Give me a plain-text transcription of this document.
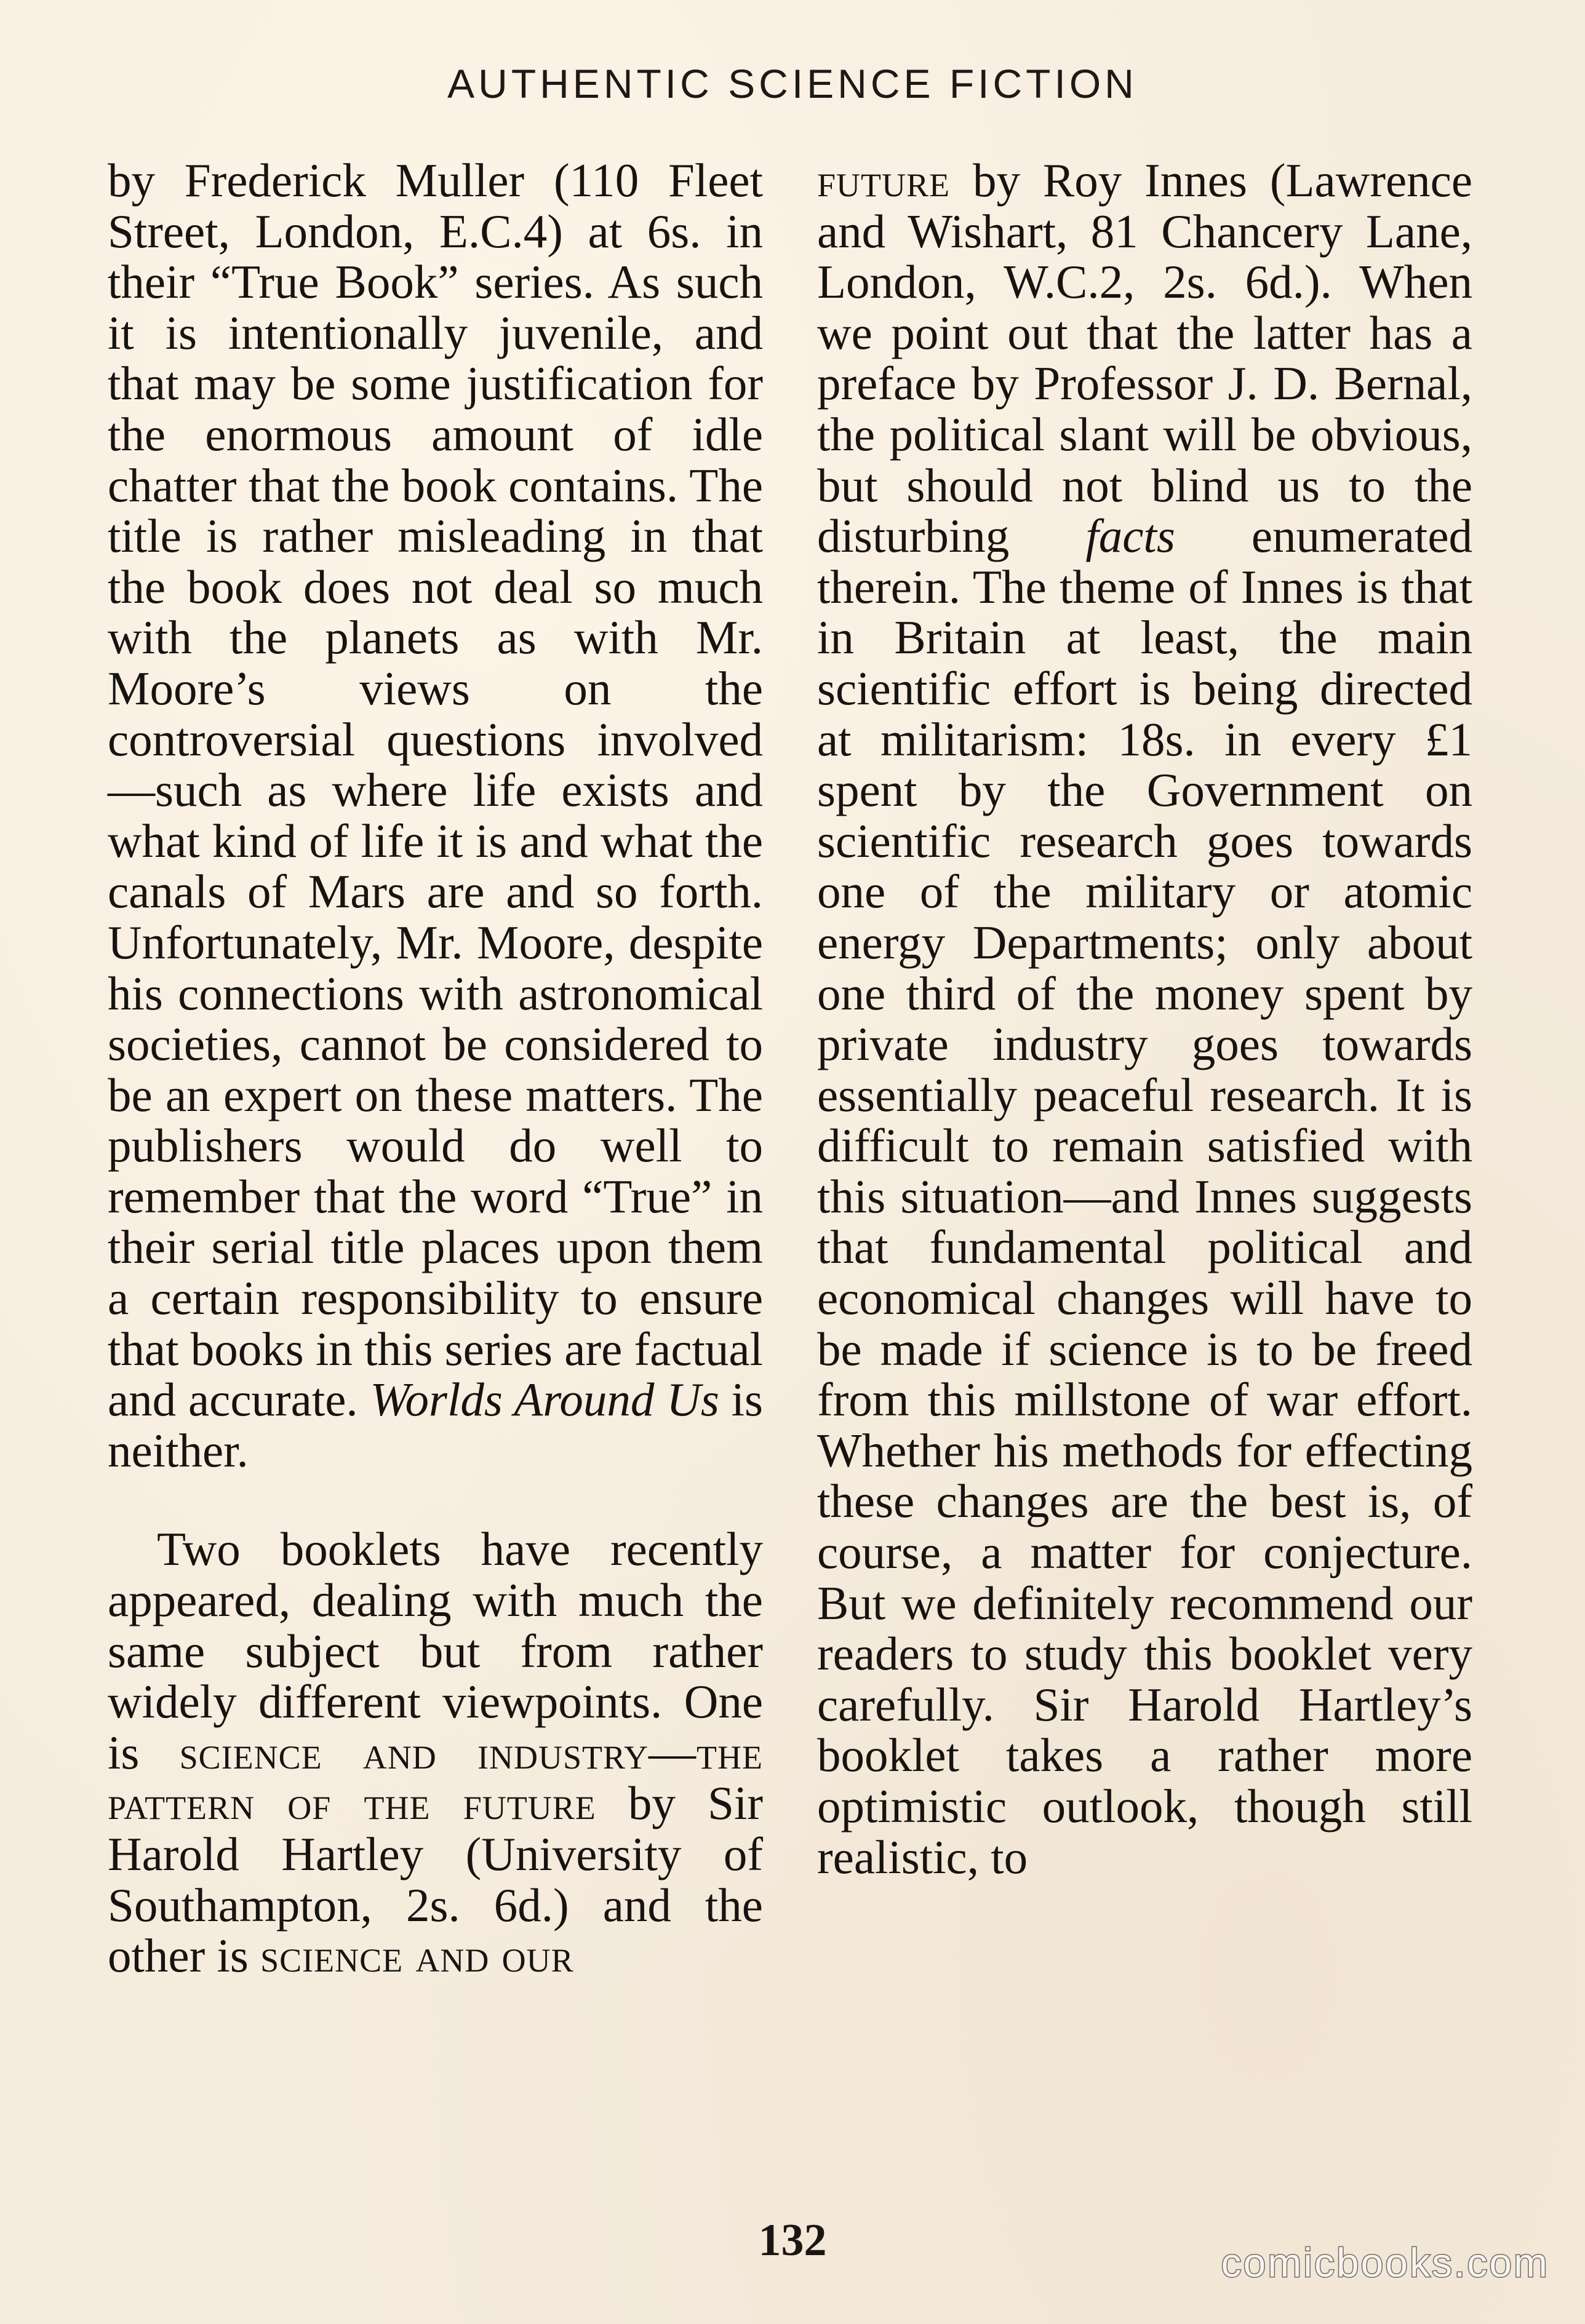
AUTHENTIC SCIENCE FICTION

by Frederick Muller (110 Fleet Street, London, E.C.4) at 6s. in their “True Book” series. As such it is intentionally juvenile, and that may be some justification for the enormous amount of idle chatter that the book contains. The title is rather misleading in that the book does not deal so much with the planets as with Mr. Moore’s views on the controversial questions involved—such as where life exists and what kind of life it is and what the canals of Mars are and so forth. Unfortunately, Mr. Moore, despite his connections with astronomical societies, cannot be considered to be an expert on these matters. The publishers would do well to remember that the word “True” in their serial title places upon them a certain responsibility to ensure that books in this series are factual and accurate. Worlds Around Us is neither.

Two booklets have recently appeared, dealing with much the same subject but from rather widely different viewpoints. One is science and industry—the pattern of the future by Sir Harold Hartley (University of Southampton, 2s. 6d.) and the other is science and our

future by Roy Innes (Lawrence and Wishart, 81 Chancery Lane, London, W.C.2, 2s. 6d.). When we point out that the latter has a preface by Professor J. D. Bernal, the political slant will be obvious, but should not blind us to the disturbing facts enumerated therein. The theme of Innes is that in Britain at least, the main scientific effort is being directed at militarism: 18s. in every £1 spent by the Government on scientific research goes towards one of the military or atomic energy Departments; only about one third of the money spent by private industry goes towards essentially peaceful research. It is difficult to remain satisfied with this situation—and Innes suggests that fundamental political and economical changes will have to be made if science is to be freed from this millstone of war effort. Whether his methods for effecting these changes are the best is, of course, a matter for conjecture. But we definitely recommend our readers to study this booklet very carefully. Sir Harold Hartley’s booklet takes a rather more optimistic outlook, though still realistic, to

132	comicbooks.com
